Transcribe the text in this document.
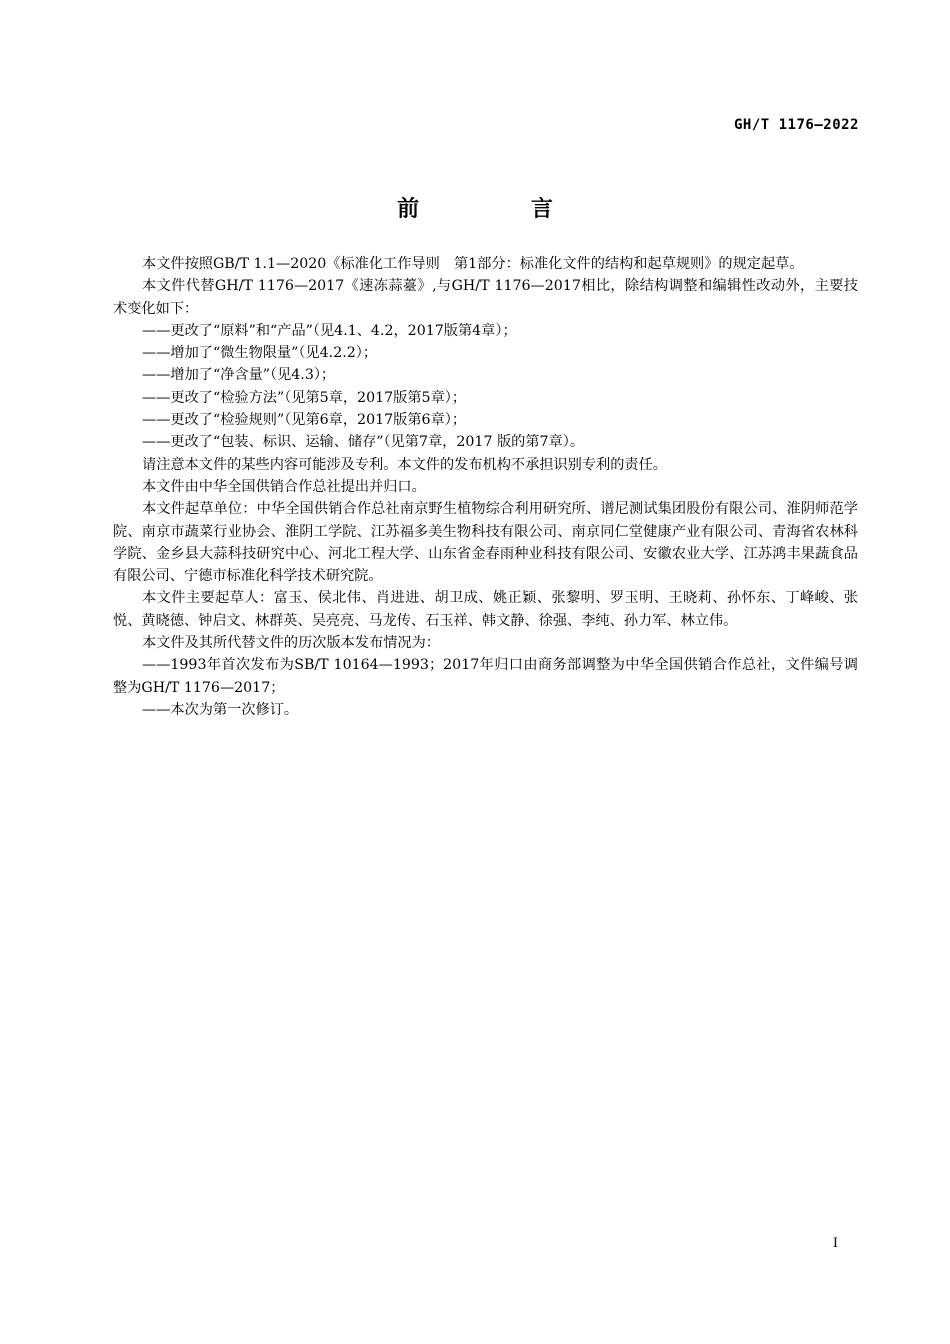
GH/T 1176—2022
前 言

本文件按照GB/T 1.1—2020《标准化工作导则　第1部分：标准化文件的结构和起草规则》的规定起草。

本文件代替GH/T 1176—2017《速冻蒜薹》,与GH/T 1176—2017相比，除结构调整和编辑性改动外，主要技术变化如下：

——更改了“原料”和“产品”（见4.1、4.2，2017版第4章）；

——增加了“微生物限量”（见4.2.2）；

——增加了“净含量”（见4.3）；

——更改了“检验方法”（见第5章，2017版第5章）；

——更改了“检验规则”（见第6章，2017版第6章）；

——更改了“包装、标识、运输、储存”（见第7章，2017 版的第7章）。

请注意本文件的某些内容可能涉及专利。本文件的发布机构不承担识别专利的责任。

本文件由中华全国供销合作总社提出并归口。

本文件起草单位：中华全国供销合作总社南京野生植物综合利用研究所、谱尼测试集团股份有限公司、淮阴师范学院、南京市蔬菜行业协会、淮阴工学院、江苏福多美生物科技有限公司、南京同仁堂健康产业有限公司、青海省农林科学院、金乡县大蒜科技研究中心、河北工程大学、山东省金春雨种业科技有限公司、安徽农业大学、江苏鸿丰果蔬食品有限公司、宁德市标准化科学技术研究院。

本文件主要起草人：富玉、侯北伟、肖进进、胡卫成、姚正颖、张黎明、罗玉明、王晓莉、孙怀东、丁峰峻、张悦、黄晓德、钟启文、林群英、吴亮亮、马龙传、石玉祥、韩文静、徐强、李纯、孙力军、林立伟。

本文件及其所代替文件的历次版本发布情况为：

——1993年首次发布为SB/T 10164—1993；2017年归口由商务部调整为中华全国供销合作总社，文件编号调整为GH/T 1176—2017；

——本次为第一次修订。

I
